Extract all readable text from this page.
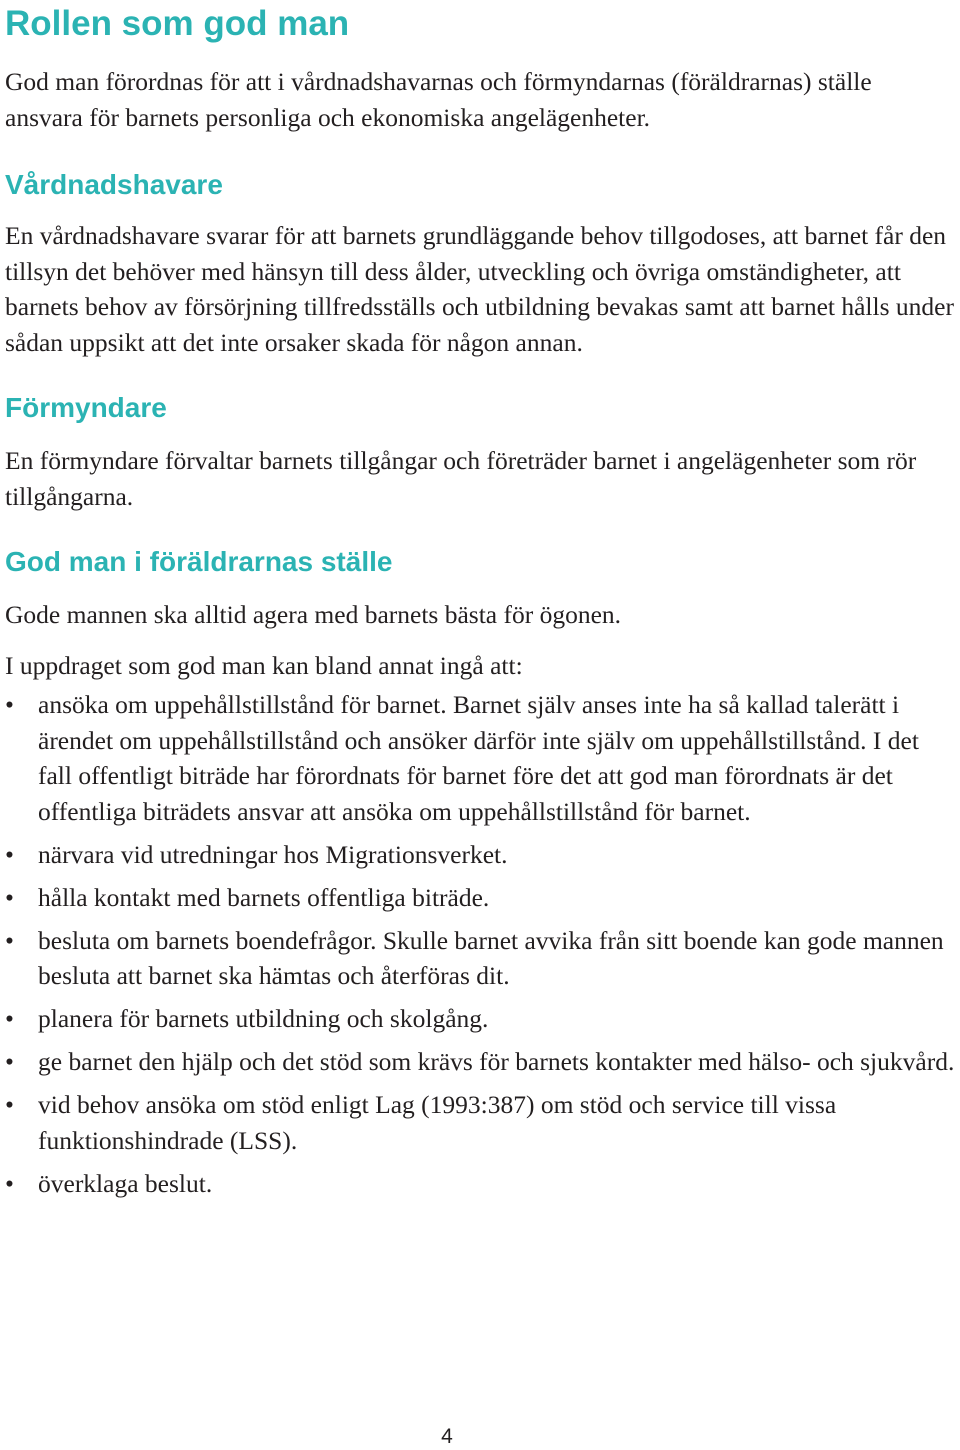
Rollen som god man

God man förordnas för att i vårdnadshavarnas och förmyndarnas (föräldrarnas) ställe ansvara för barnets personliga och ekonomiska angelägenheter.

Vårdnadshavare

En vårdnadshavare svarar för att barnets grundläggande behov tillgodoses, att barnet får den tillsyn det behöver med hänsyn till dess ålder, utveckling och övriga omständigheter, att barnets behov av försörjning tillfredsställs och utbildning bevakas samt att barnet hålls under sådan uppsikt att det inte orsaker skada för någon annan.

Förmyndare

En förmyndare förvaltar barnets tillgångar och företräder barnet i angelägenheter som rör tillgångarna.

God man i föräldrarnas ställe

Gode mannen ska alltid agera med barnets bästa för ögonen.

I uppdraget som god man kan bland annat ingå att:

• ansöka om uppehållstillstånd för barnet. Barnet själv anses inte ha så kallad talerätt i ärendet om uppehållstillstånd och ansöker därför inte själv om uppehållstillstånd. I det fall offentligt biträde har förordnats för barnet före det att god man förordnats är det offentliga biträdets ansvar att ansöka om uppehållstillstånd för barnet.
• närvara vid utredningar hos Migrationsverket.
• hålla kontakt med barnets offentliga biträde.
• besluta om barnets boendefrågor. Skulle barnet avvika från sitt boende kan gode mannen besluta att barnet ska hämtas och återföras dit.
• planera för barnets utbildning och skolgång.
• ge barnet den hjälp och det stöd som krävs för barnets kontakter med hälso- och sjukvård.
• vid behov ansöka om stöd enligt Lag (1993:387) om stöd och service till vissa funktionshindrade (LSS).
• överklaga beslut.
4
